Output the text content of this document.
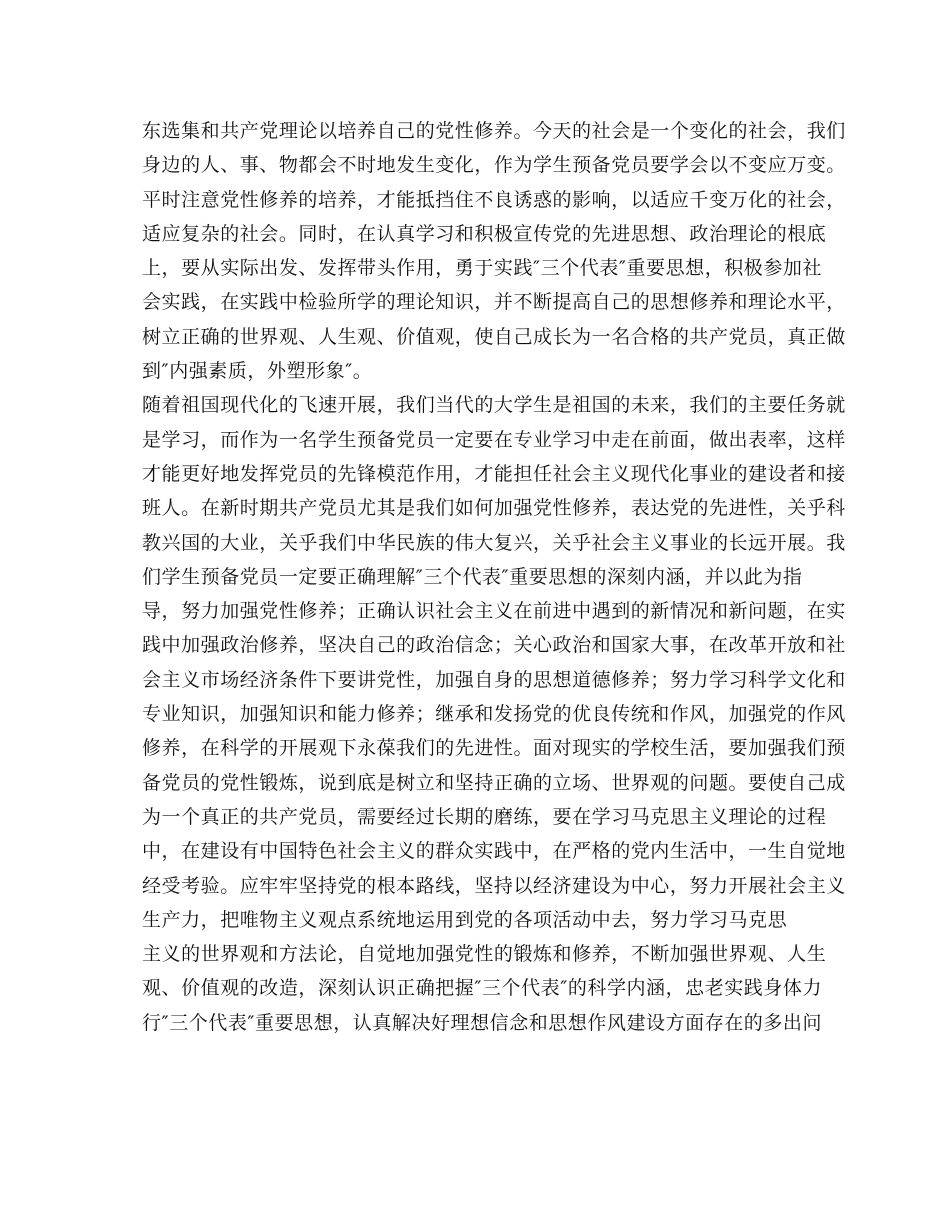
东选集和共产党理论以培养自己的党性修养。今天的社会是一个变化的社会，我们
身边的人、事、物都会不时地发生变化，作为学生预备党员要学会以不变应万变。
平时注意党性修养的培养，才能抵挡住不良诱惑的影响，以适应千变万化的社会，
适应复杂的社会。同时，在认真学习和积极宣传党的先进思想、政治理论的根底
上，要从实际出发、发挥带头作用，勇于实践″三个代表″重要思想，积极参加社
会实践，在实践中检验所学的理论知识，并不断提高自己的思想修养和理论水平，
树立正确的世界观、人生观、价值观，使自己成长为一名合格的共产党员，真正做
到″内强素质，外塑形象″。
随着祖国现代化的飞速开展，我们当代的大学生是祖国的未来，我们的主要任务就
是学习，而作为一名学生预备党员一定要在专业学习中走在前面，做出表率，这样
才能更好地发挥党员的先锋模范作用，才能担任社会主义现代化事业的建设者和接
班人。在新时期共产党员尤其是我们如何加强党性修养，表达党的先进性，关乎科
教兴国的大业，关乎我们中华民族的伟大复兴，关乎社会主义事业的长远开展。我
们学生预备党员一定要正确理解″三个代表″重要思想的深刻内涵，并以此为指
导，努力加强党性修养；正确认识社会主义在前进中遇到的新情况和新问题，在实
践中加强政治修养，坚决自己的政治信念；关心政治和国家大事，在改革开放和社
会主义市场经济条件下要讲党性，加强自身的思想道德修养；努力学习科学文化和
专业知识，加强知识和能力修养；继承和发扬党的优良传统和作风，加强党的作风
修养，在科学的开展观下永葆我们的先进性。面对现实的学校生活，要加强我们预
备党员的党性锻炼，说到底是树立和坚持正确的立场、世界观的问题。要使自己成
为一个真正的共产党员，需要经过长期的磨练，要在学习马克思主义理论的过程
中，在建设有中国特色社会主义的群众实践中，在严格的党内生活中，一生自觉地
经受考验。应牢牢坚持党的根本路线，坚持以经济建设为中心，努力开展社会主义
生产力，把唯物主义观点系统地运用到党的各项活动中去，努力学习马克思
主义的世界观和方法论，自觉地加强党性的锻炼和修养，不断加强世界观、人生
观、价值观的改造，深刻认识正确把握″三个代表″的科学内涵，忠老实践身体力
行″三个代表″重要思想，认真解决好理想信念和思想作风建设方面存在的多出问
